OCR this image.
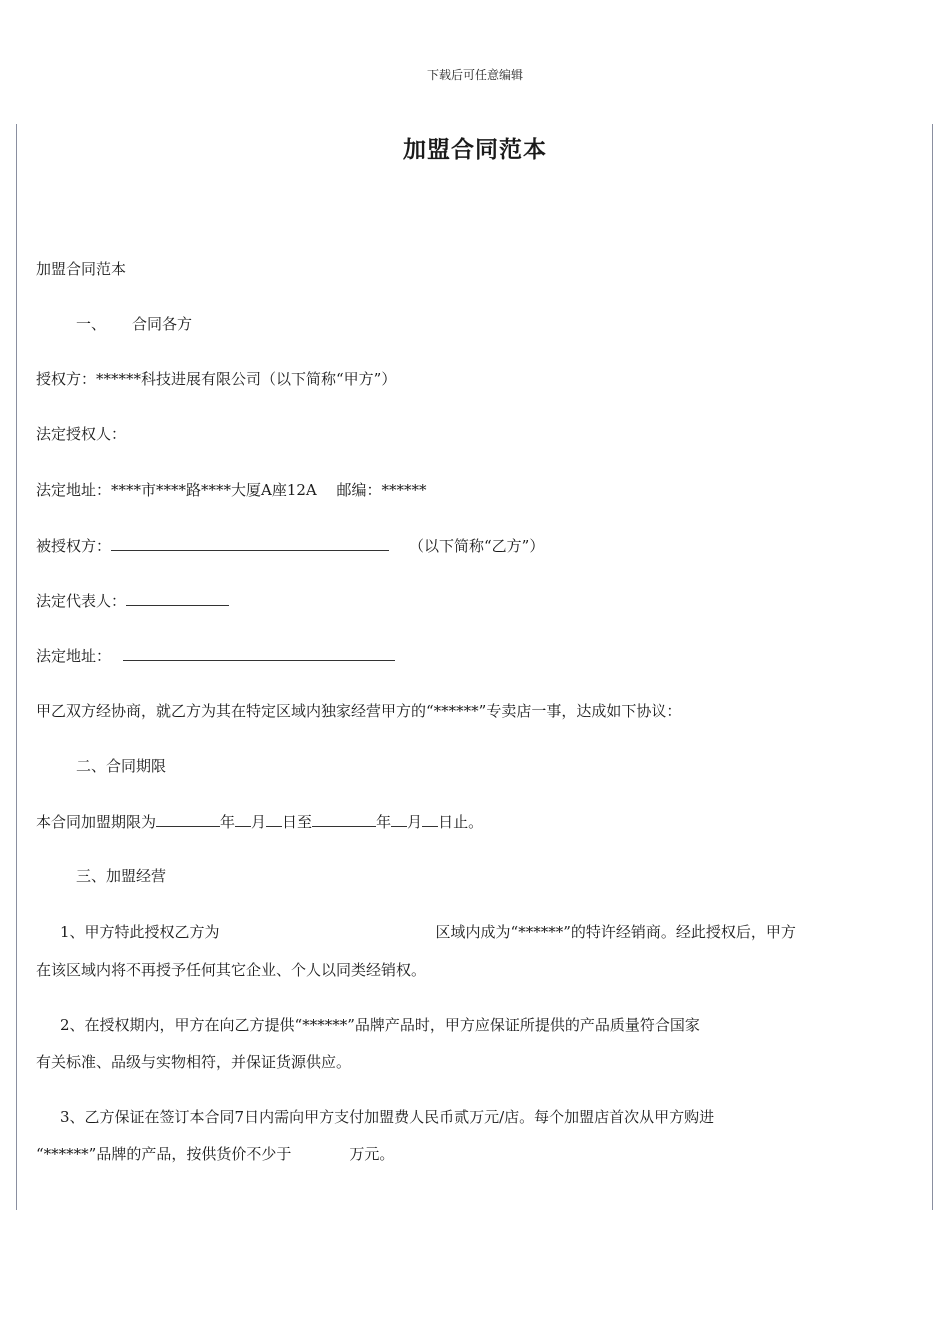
下载后可任意编辑
加盟合同范本
加盟合同范本
一、 合同各方
授权方：******科技进展有限公司（以下简称“甲方”）
法定授权人：
法定地址：****市****路****大厦A座12A　 邮编：******
被授权方：	（以下简称“乙方”）
法定代表人：
法定地址：
甲乙双方经协商，就乙方为其在特定区域内独家经营甲方的“******”专卖店一事，达成如下协议：
二、合同期限
本合同加盟期限为	年 月 日至	年 月 日止。
三、加盟经营
1、甲方特此授权乙方为	区域内成为“******”的特许经销商。经此授权后，甲方
在该区域内将不再授予任何其它企业、个人以同类经销权。
2、在授权期内，甲方在向乙方提供“******”品牌产品时，甲方应保证所提供的产品质量符合国家
有关标准、品级与实物相符，并保证货源供应。
3、乙方保证在签订本合同7日内需向甲方支付加盟费人民币贰万元/店。每个加盟店首次从甲方购进
“******”品牌的产品，按供货价不少于	万元。
